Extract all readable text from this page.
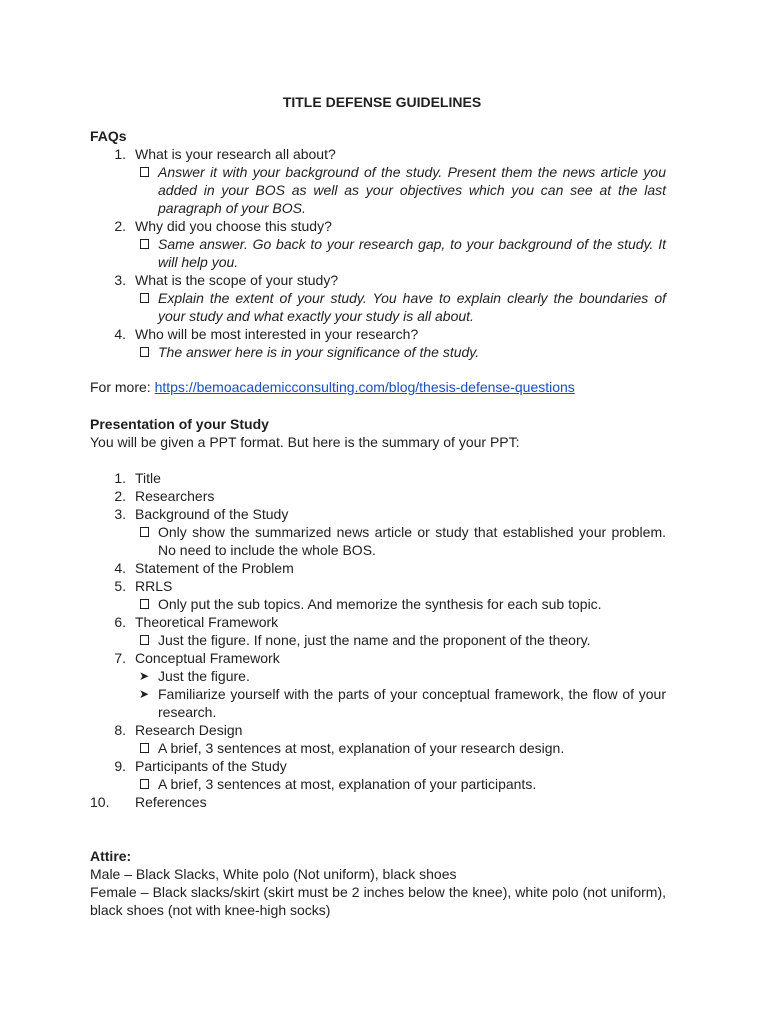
TITLE DEFENSE GUIDELINES

FAQs

1. What is your research all about?
Answer it with your background of the study. Present them the news article you added in your BOS as well as your objectives which you can see at the last paragraph of your BOS.
2. Why did you choose this study?
Same answer. Go back to your research gap, to your background of the study. It will help you.
3. What is the scope of your study?
Explain the extent of your study. You have to explain clearly the boundaries of your study and what exactly your study is all about.
4. Who will be most interested in your research?
The answer here is in your significance of the study.

For more: https://bemoacademicconsulting.com/blog/thesis-defense-questions

Presentation of your Study

You will be given a PPT format. But here is the summary of your PPT:

1. Title
2. Researchers
3. Background of the Study
Only show the summarized news article or study that established your problem. No need to include the whole BOS.
4. Statement of the Problem
5. RRLS
Only put the sub topics. And memorize the synthesis for each sub topic.
6. Theoretical Framework
Just the figure. If none, just the name and the proponent of the theory.
7. Conceptual Framework
➤ Just the figure.
➤ Familiarize yourself with the parts of your conceptual framework, the flow of your research.
8. Research Design
A brief, 3 sentences at most, explanation of your research design.
9. Participants of the Study
A brief, 3 sentences at most, explanation of your participants.
10.	References

Attire:

Male – Black Slacks, White polo (Not uniform), black shoes

Female – Black slacks/skirt (skirt must be 2 inches below the knee), white polo (not uniform), black shoes (not with knee-high socks)
